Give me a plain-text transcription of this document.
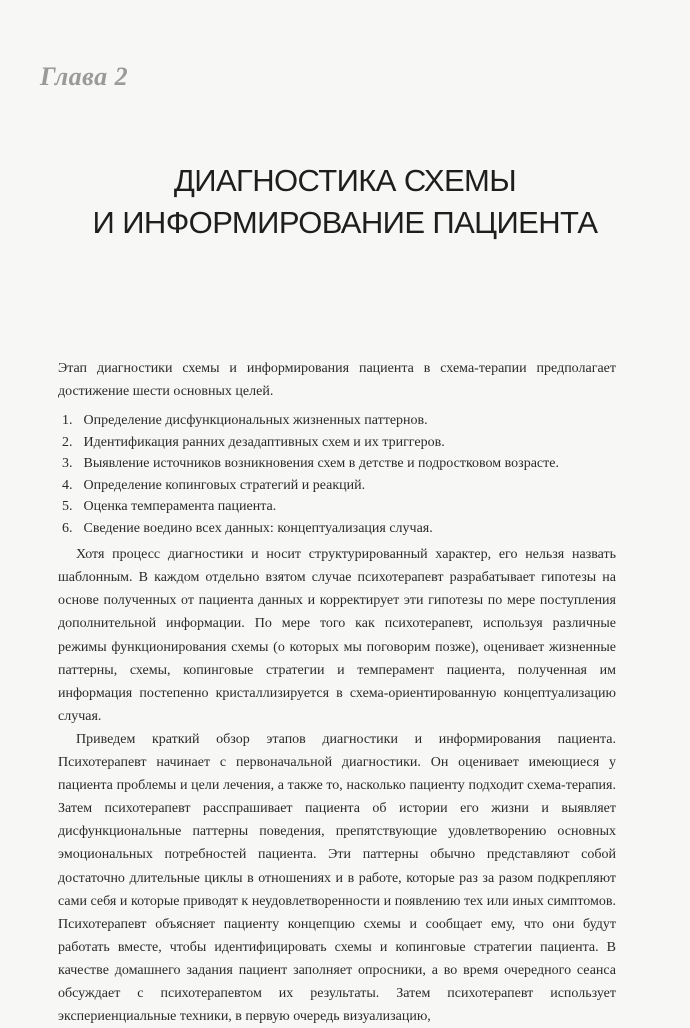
Глава 2
ДИАГНОСТИКА СХЕМЫ
И ИНФОРМИРОВАНИЕ ПАЦИЕНТА

Этап диагностики схемы и информирования пациента в схема-терапии предполагает достижение шести основных целей.

1. Определение дисфункциональных жизненных паттернов.
2. Идентификация ранних дезадаптивных схем и их триггеров.
3. Выявление источников возникновения схем в детстве и подростковом возрасте.
4. Определение копинговых стратегий и реакций.
5. Оценка темперамента пациента.
6. Сведение воедино всех данных: концептуализация случая.

Хотя процесс диагностики и носит структурированный характер, его нельзя назвать шаблонным. В каждом отдельно взятом случае психотерапевт разрабатывает гипотезы на основе полученных от пациента данных и корректирует эти гипотезы по мере поступления дополнительной информации. По мере того как психотерапевт, используя различные режимы функционирования схемы (о которых мы поговорим позже), оценивает жизненные паттерны, схемы, копинговые стратегии и темперамент пациента, полученная им информация постепенно кристаллизируется в схема-ориентированную концептуализацию случая.

Приведем краткий обзор этапов диагностики и информирования пациента. Психотерапевт начинает с первоначальной диагностики. Он оценивает имеющиеся у пациента проблемы и цели лечения, а также то, насколько пациенту подходит схема-терапия. Затем психотерапевт расспрашивает пациента об истории его жизни и выявляет дисфункциональные паттерны поведения, препятствующие удовлетворению основных эмоциональных потребностей пациента. Эти паттерны обычно представляют собой достаточно длительные циклы в отношениях и в работе, которые раз за разом подкрепляют сами себя и которые приводят к неудовлетворенности и появлению тех или иных симптомов. Психотерапевт объясняет пациенту концепцию схемы и сообщает ему, что они будут работать вместе, чтобы идентифицировать схемы и копинговые стратегии пациента. В качестве домашнего задания пациент заполняет опросники, а во время очередного сеанса обсуждает с психотерапевтом их результаты. Затем психотерапевт использует экспериенциальные техники, в первую очередь визуализацию,
